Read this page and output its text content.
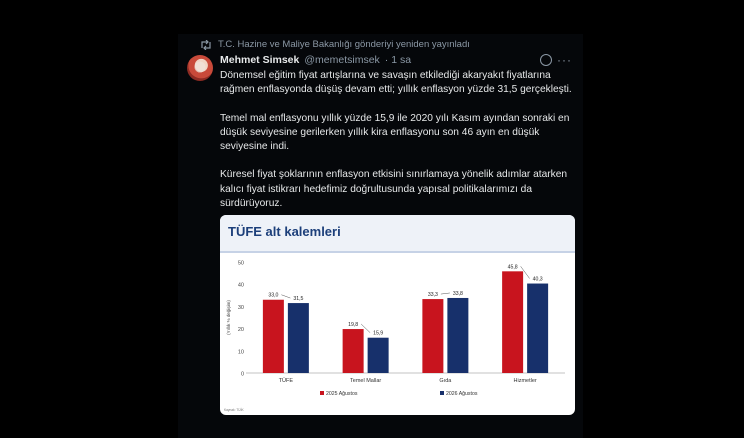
T.C. Hazine ve Maliye Bakanlığı gönderiyi yeniden yayınladı
Mehmet Simsek @memetsimsek · 1 sa	···

Dönemsel eğitim fiyat artışlarına ve savaşın etkilediği akaryakıt fiyatlarına rağmen enflasyonda düşüş devam etti; yıllık enflasyon yüzde 31,5 gerçekleşti.

Temel mal enflasyonu yıllık yüzde 15,9 ile 2020 yılı Kasım ayından sonraki en düşük seviyesine gerilerken yıllık kira enflasyonu son 46 ayın en düşük seviyesine indi.

Küresel fiyat şoklarının enflasyon etkisini sınırlamaya yönelik adımlar atarken kalıcı fiyat istikrarı hedefimiz doğrultusunda yapısal politikalarımızı da sürdürüyoruz.

TÜFE alt kalemleri
0
10
20
30
40
50
(Yıllık % değişim)
33,0
31,5
TÜFE
19,8
15,9
Temel Mallar
33,3	33,8
Gıda
45,8
40,3
Hizmetler
2025 Ağustos	2026 Ağustos
Kaynak: TÜİK
